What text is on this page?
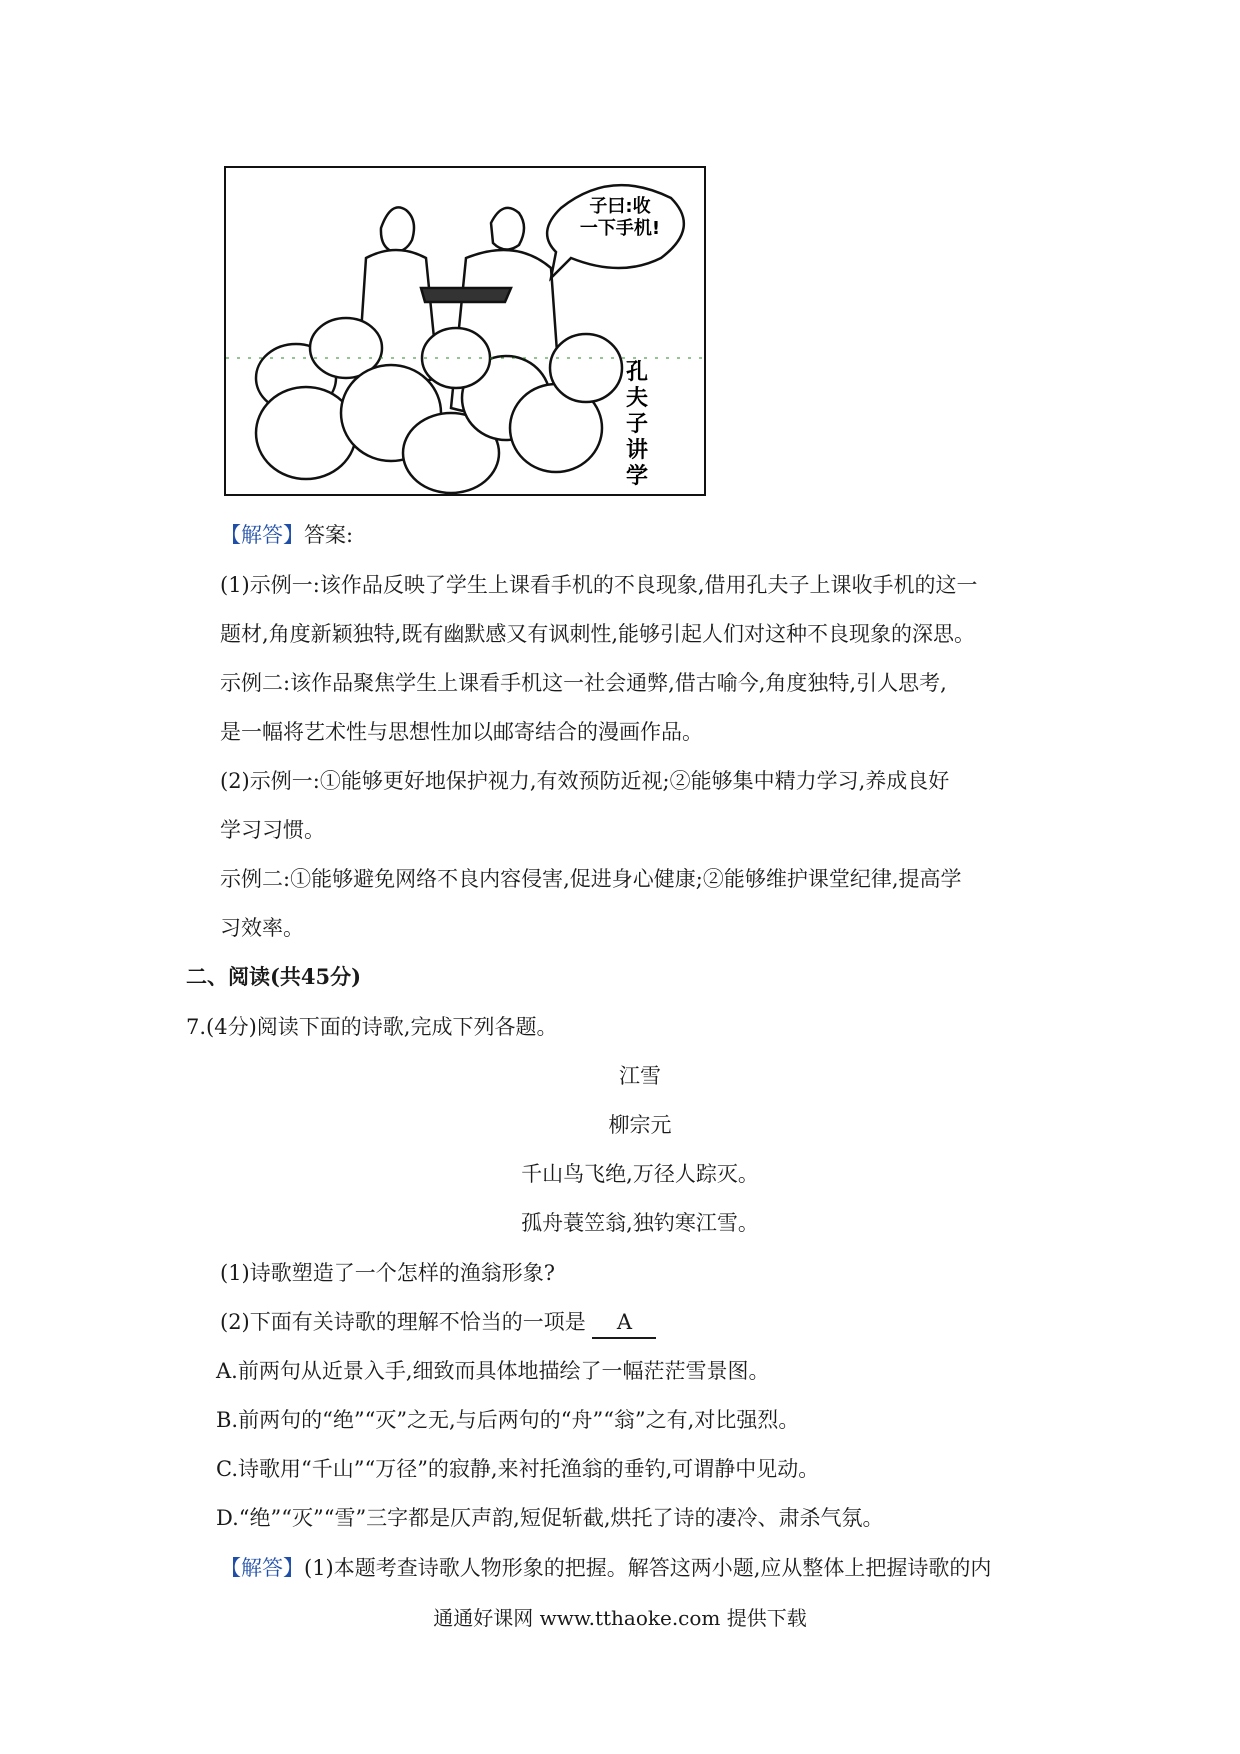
子曰:收
一下手机!
孔夫子讲学
【解答】答案:
(1)示例一:该作品反映了学生上课看手机的不良现象,借用孔夫子上课收手机的这一
题材,角度新颖独特,既有幽默感又有讽刺性,能够引起人们对这种不良现象的深思。
示例二:该作品聚焦学生上课看手机这一社会通弊,借古喻今,角度独特,引人思考,
是一幅将艺术性与思想性加以邮寄结合的漫画作品。
(2)示例一:①能够更好地保护视力,有效预防近视;②能够集中精力学习,养成良好
学习习惯。
示例二:①能够避免网络不良内容侵害,促进身心健康;②能够维护课堂纪律,提高学
习效率。
二、阅读(共45分)
7.(4分)阅读下面的诗歌,完成下列各题。
江雪
柳宗元
千山鸟飞绝,万径人踪灭。
孤舟蓑笠翁,独钓寒江雪。
(1)诗歌塑造了一个怎样的渔翁形象?
(2)下面有关诗歌的理解不恰当的一项是 A
A.前两句从近景入手,细致而具体地描绘了一幅茫茫雪景图。
B.前两句的“绝”“灭”之无,与后两句的“舟”“翁”之有,对比强烈。
C.诗歌用“千山”“万径”的寂静,来衬托渔翁的垂钓,可谓静中见动。
D.“绝”“灭”“雪”三字都是仄声韵,短促斩截,烘托了诗的凄冷、肃杀气氛。
【解答】(1)本题考查诗歌人物形象的把握。解答这两小题,应从整体上把握诗歌的内
通通好课网 www.tthaoke.com 提供下载
